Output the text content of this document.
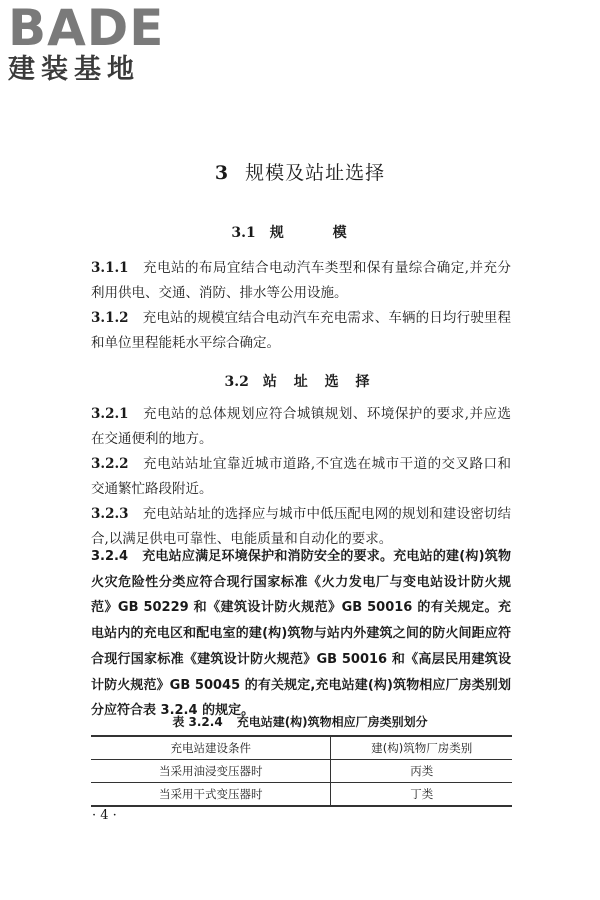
BADE
建装基地
3 规模及站址选择
3.1 规 模
3.1.1 充电站的布局宜结合电动汽车类型和保有量综合确定,并充分利用供电、交通、消防、排水等公用设施。
3.1.2 充电站的规模宜结合电动汽车充电需求、车辆的日均行驶里程和单位里程能耗水平综合确定。
3.2 站 址 选 择
3.2.1 充电站的总体规划应符合城镇规划、环境保护的要求,并应选在交通便利的地方。
3.2.2 充电站站址宜靠近城市道路,不宜选在城市干道的交叉路口和交通繁忙路段附近。
3.2.3 充电站站址的选择应与城市中低压配电网的规划和建设密切结合,以满足供电可靠性、电能质量和自动化的要求。
3.2.4 充电站应满足环境保护和消防安全的要求。充电站的建(构)筑物火灾危险性分类应符合现行国家标准《火力发电厂与变电站设计防火规范》GB 50229 和《建筑设计防火规范》GB 50016 的有关规定。充电站内的充电区和配电室的建(构)筑物与站内外建筑之间的防火间距应符合现行国家标准《建筑设计防火规范》GB 50016 和《高层民用建筑设计防火规范》GB 50045 的有关规定,充电站建(构)筑物相应厂房类别划分应符合表 3.2.4 的规定。
表 3.2.4 充电站建(构)筑物相应厂房类别划分
充电站建设条件	建(构)筑物厂房类别
当采用油浸变压器时	丙类
当采用干式变压器时	丁类
· 4 ·
